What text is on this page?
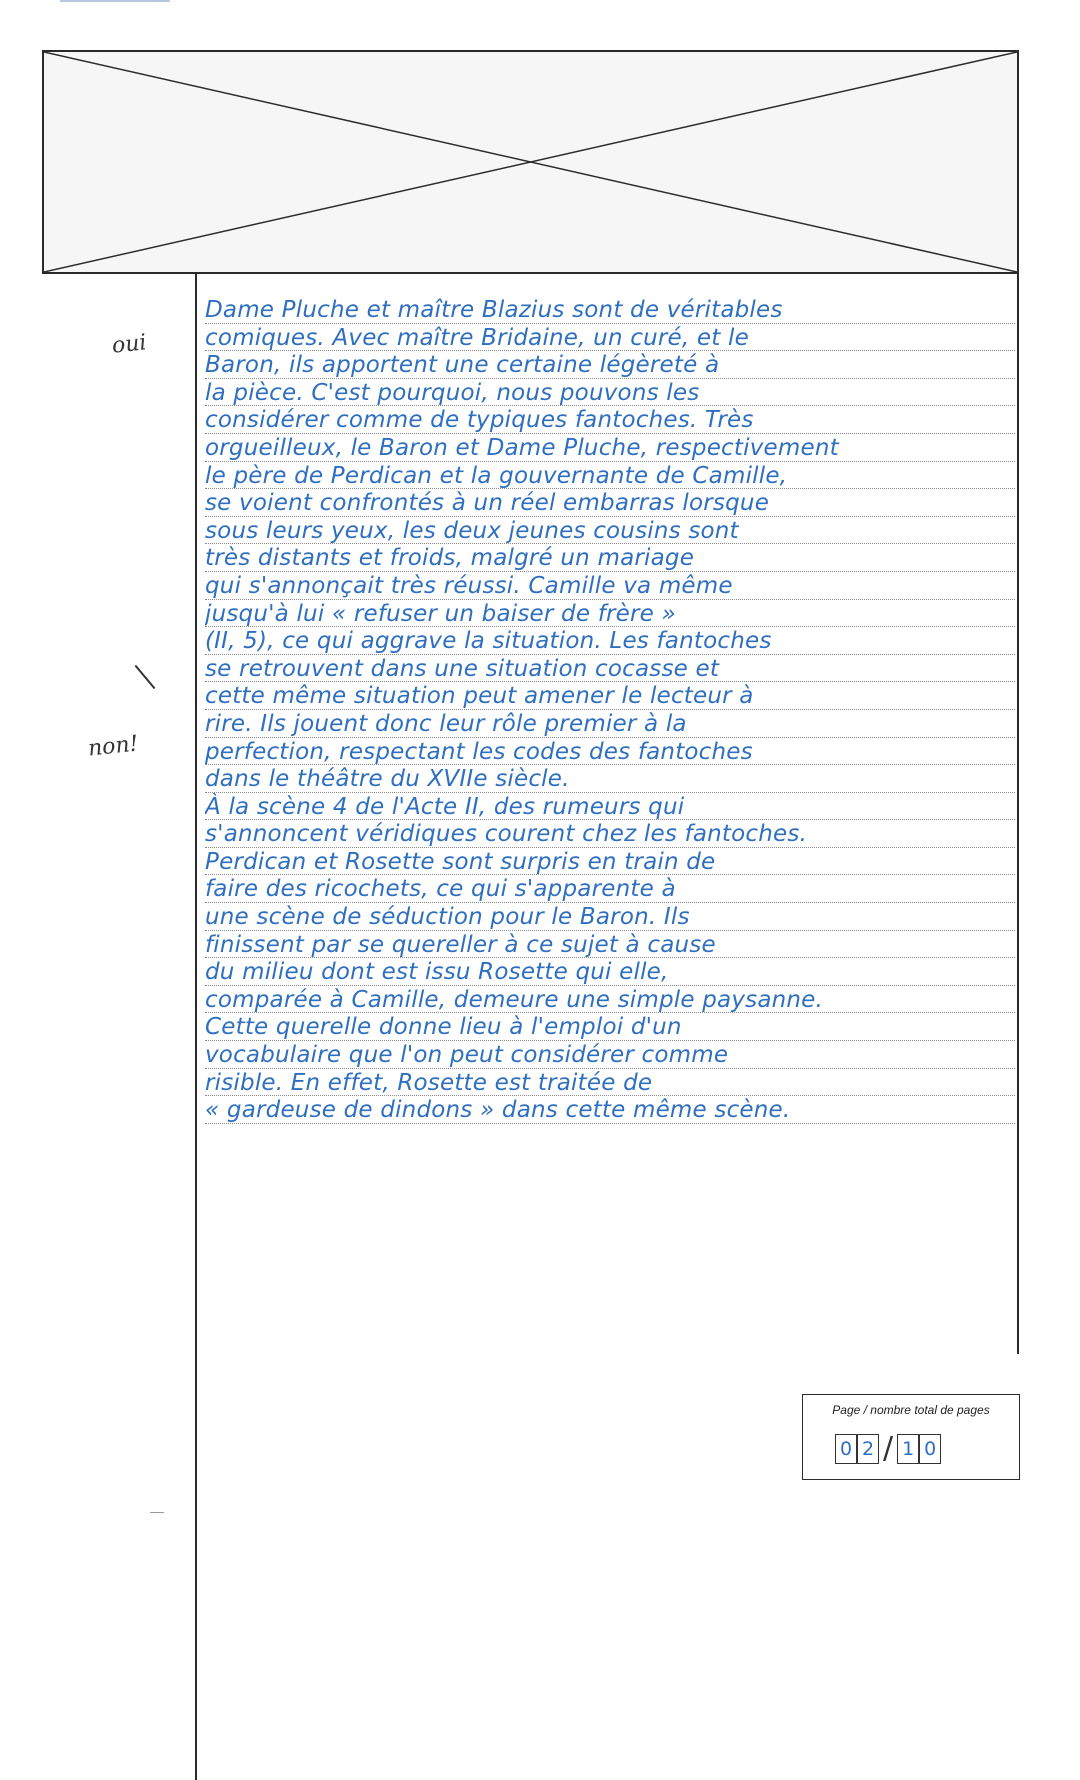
oui
non!
Dame Pluche et maître Blazius sont de véritables
comiques. Avec maître Bridaine, un curé, et le
Baron, ils apportent une certaine légèreté à
la pièce. C'est pourquoi, nous pouvons les
considérer comme de typiques fantoches. Très
orgueilleux, le Baron et Dame Pluche, respectivement
le père de Perdican et la gouvernante de Camille,
se voient confrontés à un réel embarras lorsque
sous leurs yeux, les deux jeunes cousins sont
très distants et froids, malgré un mariage
qui s'annonçait très réussi. Camille va même
jusqu'à lui « refuser un baiser de frère »
(II, 5), ce qui aggrave la situation. Les fantoches
se retrouvent dans une situation cocasse et
cette même situation peut amener le lecteur à
rire. Ils jouent donc leur rôle premier à la
perfection, respectant les codes des fantoches
dans le théâtre du XVIIe siècle.
À la scène 4 de l'Acte II, des rumeurs qui
s'annoncent véridiques courent chez les fantoches.
Perdican et Rosette sont surpris en train de
faire des ricochets, ce qui s'apparente à
une scène de séduction pour le Baron. Ils
finissent par se quereller à ce sujet à cause
du milieu dont est issu Rosette qui elle,
comparée à Camille, demeure une simple paysanne.
Cette querelle donne lieu à l'emploi d'un
vocabulaire que l'on peut considérer comme
risible. En effet, Rosette est traitée de
« gardeuse de dindons » dans cette même scène.
Page / nombre total de pages
0 2 / 1 0
